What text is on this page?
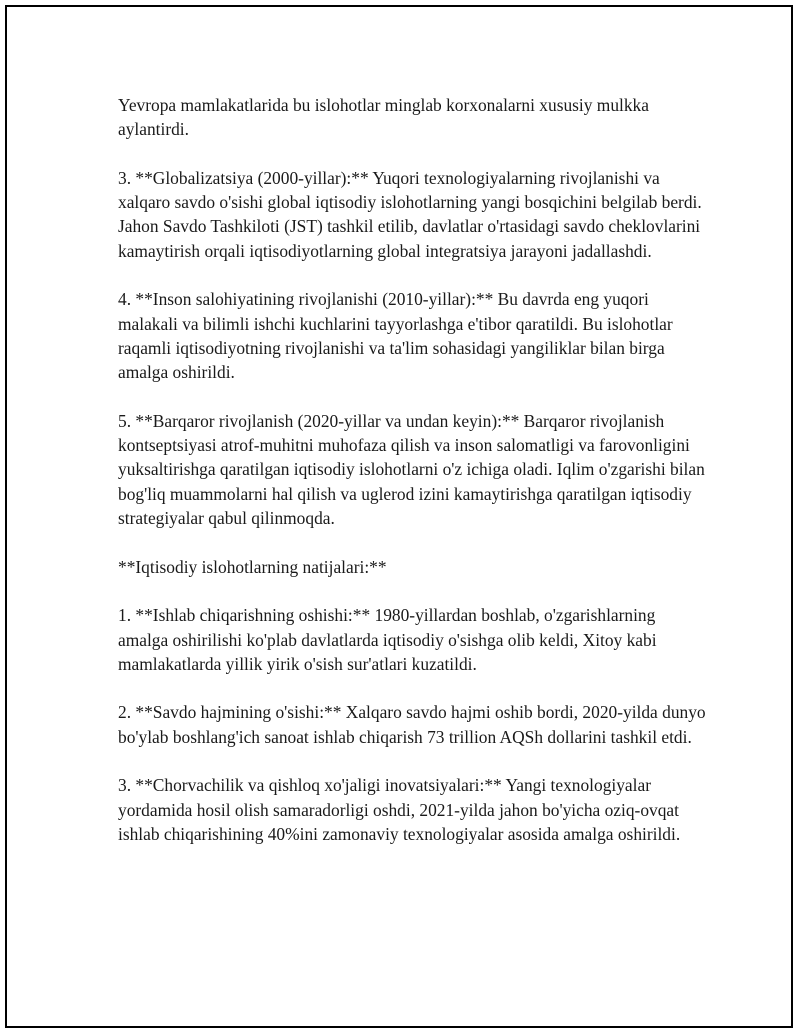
Yevropa mamlakatlarida bu islohotlar minglab korxonalarni xususiy mulkka aylantirdi.

3. **Globalizatsiya (2000-yillar):** Yuqori texnologiyalarning rivojlanishi va xalqaro savdo o'sishi global iqtisodiy islohotlarning yangi bosqichini belgilab berdi. Jahon Savdo Tashkiloti (JST) tashkil etilib, davlatlar o'rtasidagi savdo cheklovlarini kamaytirish orqali iqtisodiyotlarning global integratsiya jarayoni jadallashdi.

4. **Inson salohiyatining rivojlanishi (2010-yillar):** Bu davrda eng yuqori malakali va bilimli ishchi kuchlarini tayyorlashga e'tibor qaratildi. Bu islohotlar raqamli iqtisodiyotning rivojlanishi va ta'lim sohasidagi yangiliklar bilan birga amalga oshirildi.

5. **Barqaror rivojlanish (2020-yillar va undan keyin):** Barqaror rivojlanish kontseptsiyasi atrof-muhitni muhofaza qilish va inson salomatligi va farovonligini yuksaltirishga qaratilgan iqtisodiy islohotlarni o'z ichiga oladi. Iqlim o'zgarishi bilan bog'liq muammolarni hal qilish va uglerod izini kamaytirishga qaratilgan iqtisodiy strategiyalar qabul qilinmoqda.

**Iqtisodiy islohotlarning natijalari:**

1. **Ishlab chiqarishning oshishi:** 1980-yillardan boshlab, o'zgarishlarning amalga oshirilishi ko'plab davlatlarda iqtisodiy o'sishga olib keldi, Xitoy kabi mamlakatlarda yillik yirik o'sish sur'atlari kuzatildi.

2. **Savdo hajmining o'sishi:** Xalqaro savdo hajmi oshib bordi, 2020-yilda dunyo bo'ylab boshlang'ich sanoat ishlab chiqarish 73 trillion AQSh dollarini tashkil etdi.

3. **Chorvachilik va qishloq xo'jaligi inovatsiyalari:** Yangi texnologiyalar yordamida hosil olish samaradorligi oshdi, 2021-yilda jahon bo'yicha oziq-ovqat ishlab chiqarishining 40%ini zamonaviy texnologiyalar asosida amalga oshirildi.
